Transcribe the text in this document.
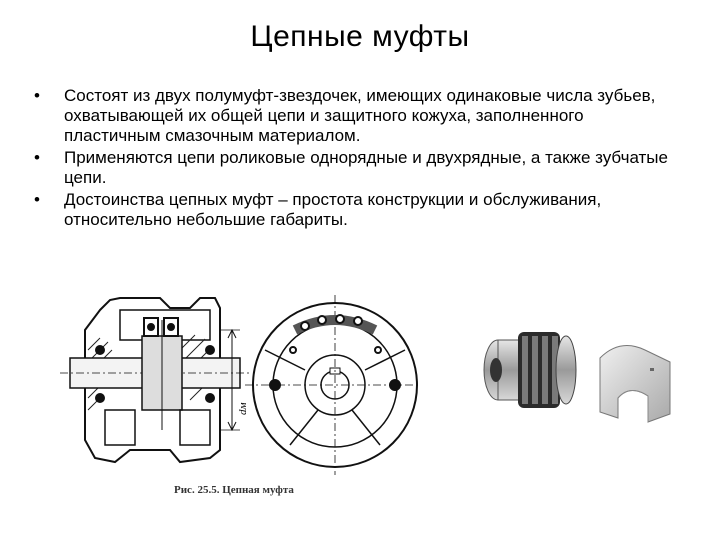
Цепные муфты
• Состоят из двух полумуфт-звездочек, имеющих одинаковые числа зубьев, охватывающей их общей цепи и защитного кожуха, заполненного пластичным смазочным материалом.
• Применяются цепи роликовые однорядные и двухрядные, а также зубчатые цепи.
• Достоинства цепных муфт – простота конструкции и обслуживания, относительно небольшие габариты.
dм
Рис. 25.5. Цепная муфта
